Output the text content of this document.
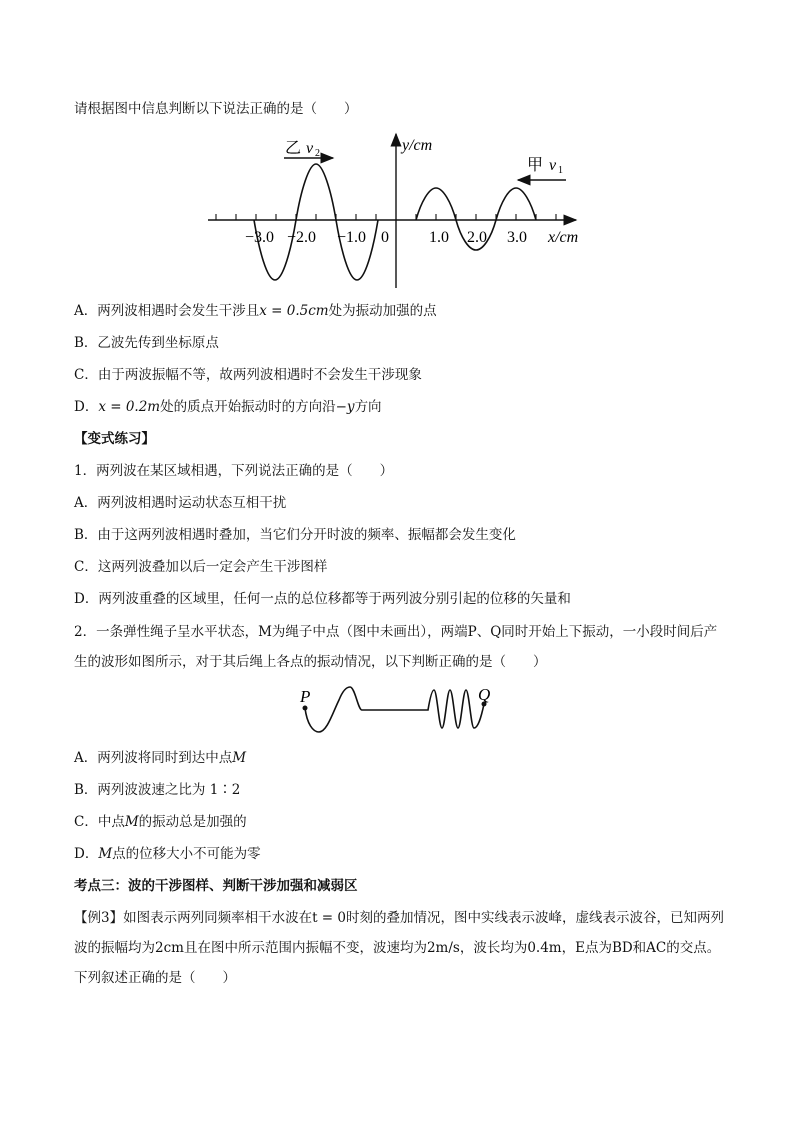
请根据图中信息判断以下说法正确的是（　　）
乙 v 2
甲 v 1
y/cm
x/cm
−3.0 −2.0 −1.0 0	1.0 2.0 3.0
A．两列波相遇时会发生干涉且x = 0.5cm处为振动加强的点
B．乙波先传到坐标原点
C．由于两波振幅不等，故两列波相遇时不会发生干涉现象
D．x = 0.2m处的质点开始振动时的方向沿−y方向
【变式练习】
1．两列波在某区域相遇，下列说法正确的是（　　）
A．两列波相遇时运动状态互相干扰
B．由于这两列波相遇时叠加，当它们分开时波的频率、振幅都会发生变化
C．这两列波叠加以后一定会产生干涉图样
D．两列波重叠的区域里，任何一点的总位移都等于两列波分别引起的位移的矢量和
2．一条弹性绳子呈水平状态，M为绳子中点（图中未画出），两端P、Q同时开始上下振动，一小段时间后产生的波形如图所示，对于其后绳上各点的振动情况，以下判断正确的是（　　）
P	Q
A．两列波将同时到达中点M
B．两列波波速之比为 1∶2
C．中点M的振动总是加强的
D．M点的位移大小不可能为零
考点三：波的干涉图样、判断干涉加强和减弱区
【例3】如图表示两列同频率相干水波在t = 0时刻的叠加情况，图中实线表示波峰，虚线表示波谷，已知两列波的振幅均为2cm且在图中所示范围内振幅不变，波速均为2m/s，波长均为0.4m，E点为BD和AC的交点。下列叙述正确的是（　　）
